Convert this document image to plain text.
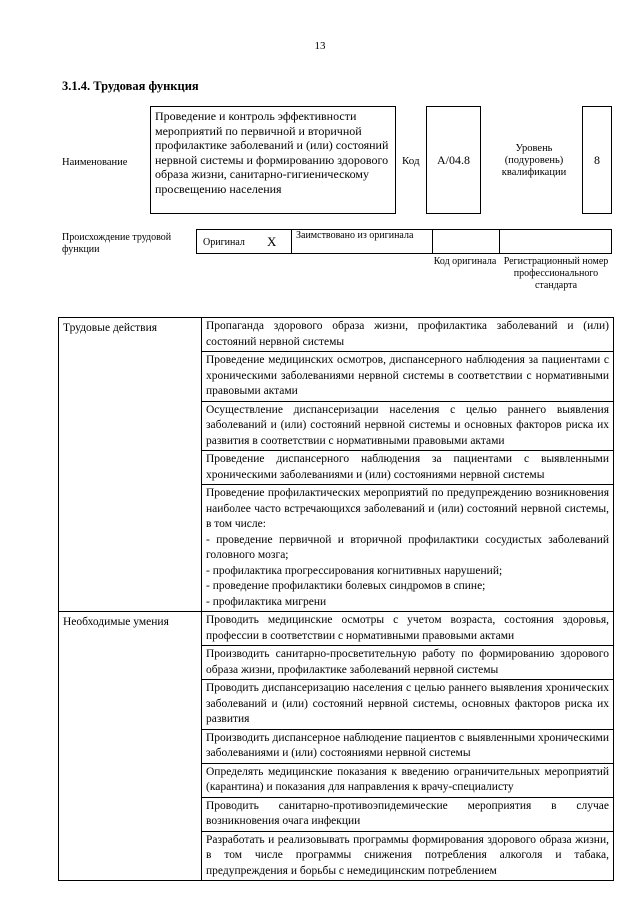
13
3.1.4. Трудовая функция
Наименование
Проведение и контроль эффективности мероприятий по первичной и вторичной профилактике заболеваний и (или) состояний нервной системы и формированию здорового образа жизни, санитарно-гигиеническому просвещению населения
Код А/04.8
Уровень (подуровень) квалификации
8
Происхождение трудовой функции
Оригинал X Заимствовано из оригинала
Код оригинала Регистрационный номер профессионального стандарта
Трудовые действия	Пропаганда здорового образа жизни, профилактика заболеваний и (или) состояний нервной системы

	Проведение медицинских осмотров, диспансерного наблюдения за пациентами с хроническими заболеваниями нервной системы в соответствии с нормативными правовыми актами

	Осуществление диспансеризации населения с целью раннего выявления заболеваний и (или) состояний нервной системы и основных факторов риска их развития в соответствии с нормативными правовыми актами

	Проведение диспансерного наблюдения за пациентами с выявленными хроническими заболеваниями и (или) состояниями нервной системы

	Проведение профилактических мероприятий по предупреждению возникновения наиболее часто встречающихся заболеваний и (или) состояний нервной системы, в том числе:
- проведение первичной и вторичной профилактики сосудистых заболеваний головного мозга;
- профилактика прогрессирования когнитивных нарушений;
- проведение профилактики болевых синдромов в спине;
- профилактика мигрени

Необходимые умения	Проводить медицинские осмотры с учетом возраста, состояния здоровья, профессии в соответствии с нормативными правовыми актами

	Производить санитарно-просветительную работу по формированию здорового образа жизни, профилактике заболеваний нервной системы

	Проводить диспансеризацию населения с целью раннего выявления хронических заболеваний и (или) состояний нервной системы, основных факторов риска их развития

	Производить диспансерное наблюдение пациентов с выявленными хроническими заболеваниями и (или) состояниями нервной системы

	Определять медицинские показания к введению ограничительных мероприятий (карантина) и показания для направления к врачу-специалисту

	Проводить санитарно-противоэпидемические мероприятия в случае возникновения очага инфекции

	Разработать и реализовывать программы формирования здорового образа жизни, в том числе программы снижения потребления алкоголя и табака, предупреждения и борьбы с немедицинским потреблением
